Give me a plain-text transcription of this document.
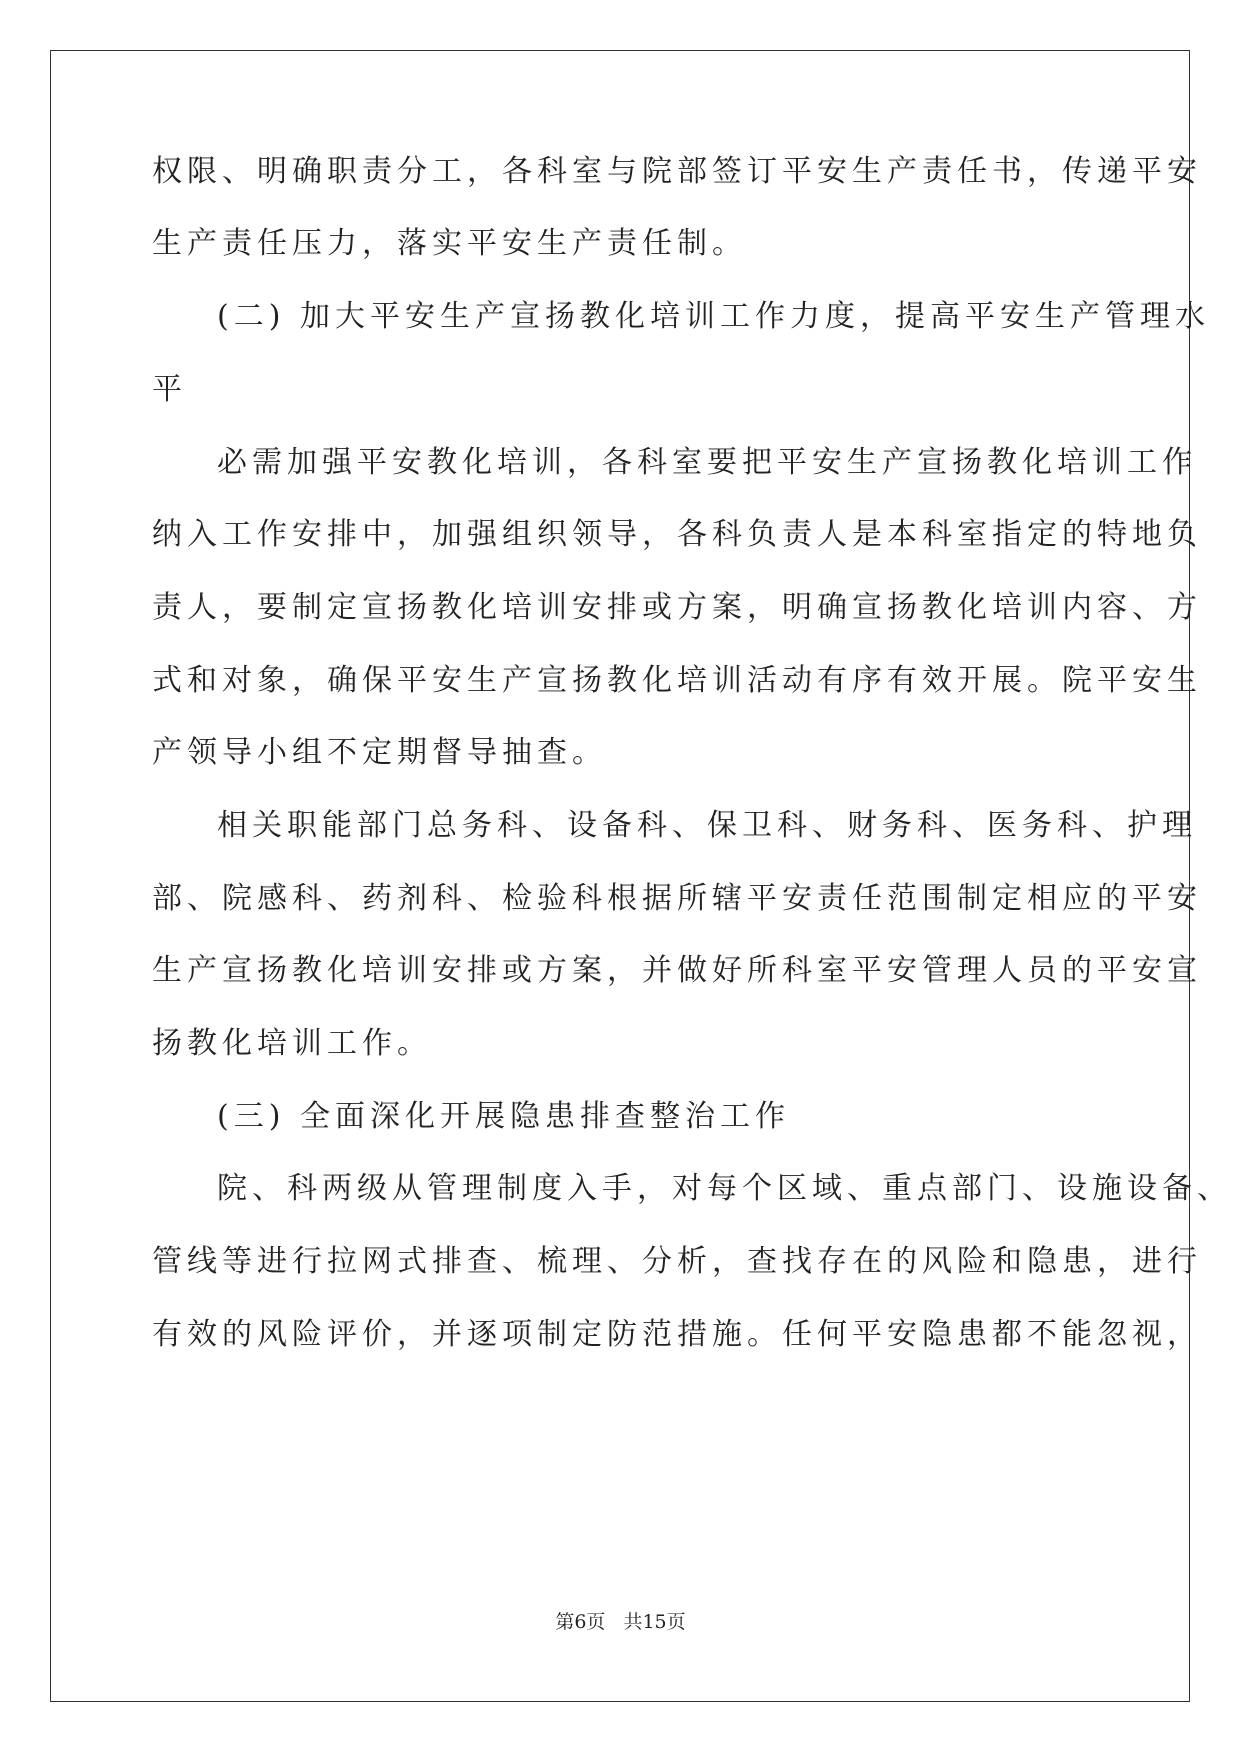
权限、明确职责分工，各科室与院部签订平安生产责任书，传递平安
生产责任压力，落实平安生产责任制。
(二) 加大平安生产宣扬教化培训工作力度，提高平安生产管理水
平
必需加强平安教化培训，各科室要把平安生产宣扬教化培训工作
纳入工作安排中，加强组织领导，各科负责人是本科室指定的特地负
责人，要制定宣扬教化培训安排或方案，明确宣扬教化培训内容、方
式和对象，确保平安生产宣扬教化培训活动有序有效开展。院平安生
产领导小组不定期督导抽查。
相关职能部门总务科、设备科、保卫科、财务科、医务科、护理
部、院感科、药剂科、检验科根据所辖平安责任范围制定相应的平安
生产宣扬教化培训安排或方案，并做好所科室平安管理人员的平安宣
扬教化培训工作。
(三) 全面深化开展隐患排查整治工作
院、科两级从管理制度入手，对每个区域、重点部门、设施设备、
管线等进行拉网式排查、梳理、分析，查找存在的风险和隐患，进行
有效的风险评价，并逐项制定防范措施。任何平安隐患都不能忽视，
第6页 共15页
